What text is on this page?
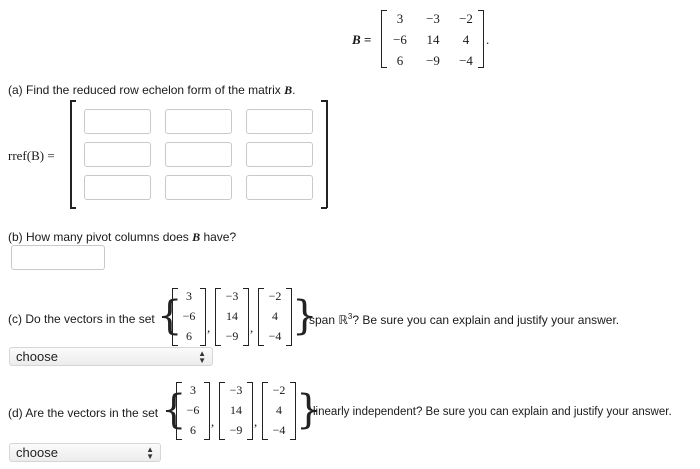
B =
3	−3	−2
−6	14	4
6	−9	−4
.
(a) Find the reduced row echelon form of the matrix B.
rref(B) =
(b) How many pivot columns does B have?
(c) Do the vectors in the set { 3
−6
6
,
−3
14
−9
,
−2
4
−4 }
span ℝ$^3$? Be sure you can explain and justify your answer.
choose	▲
▼
(d) Are the vectors in the set { 3
−6
6
,
−3
14
−9
,
−2
4
−4 }
linearly independent? Be sure you can explain and justify your answer.
choose	▲
▼
